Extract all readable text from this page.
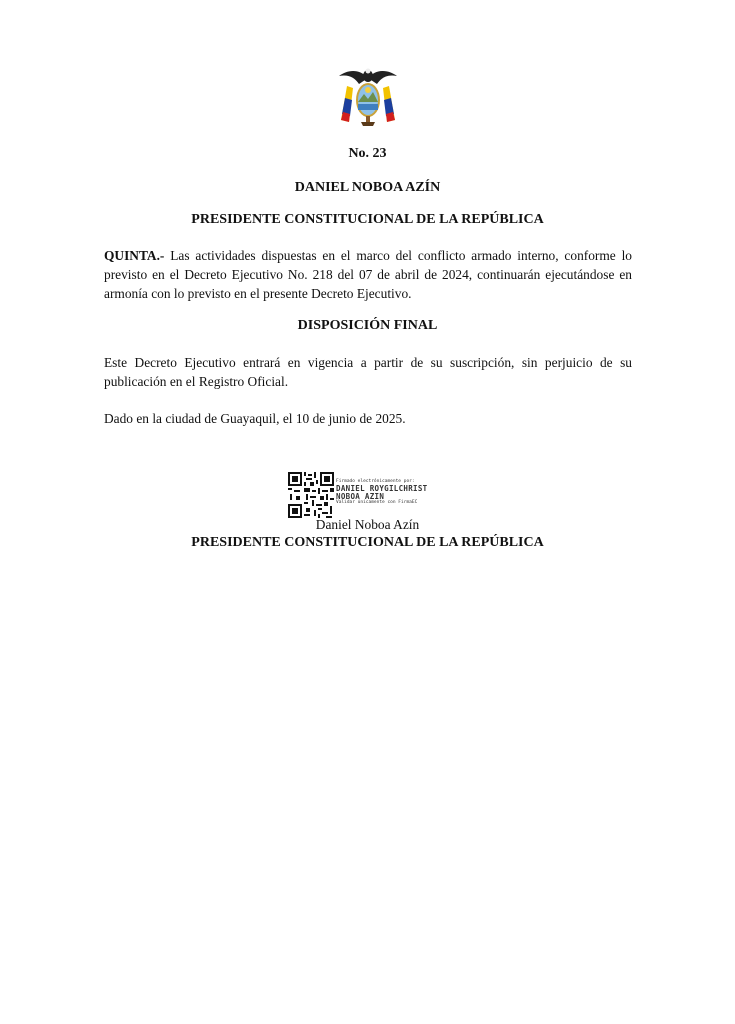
No. 23
DANIEL NOBOA AZÍN
PRESIDENTE CONSTITUCIONAL DE LA REPÚBLICA

QUINTA.- Las actividades dispuestas en el marco del conflicto armado interno, conforme lo previsto en el Decreto Ejecutivo No. 218 del 07 de abril de 2024, continuarán ejecutándose en armonía con lo previsto en el presente Decreto Ejecutivo.

DISPOSICIÓN FINAL

Este Decreto Ejecutivo entrará en vigencia a partir de su suscripción, sin perjuicio de su publicación en el Registro Oficial.

Dado en la ciudad de Guayaquil, el 10 de junio de 2025.

Firmado electrónicamente por:
DANIEL ROYGILCHRIST
NOBOA AZIN
Validar únicamente con FirmaEC
Daniel Noboa Azín
PRESIDENTE CONSTITUCIONAL DE LA REPÚBLICA
